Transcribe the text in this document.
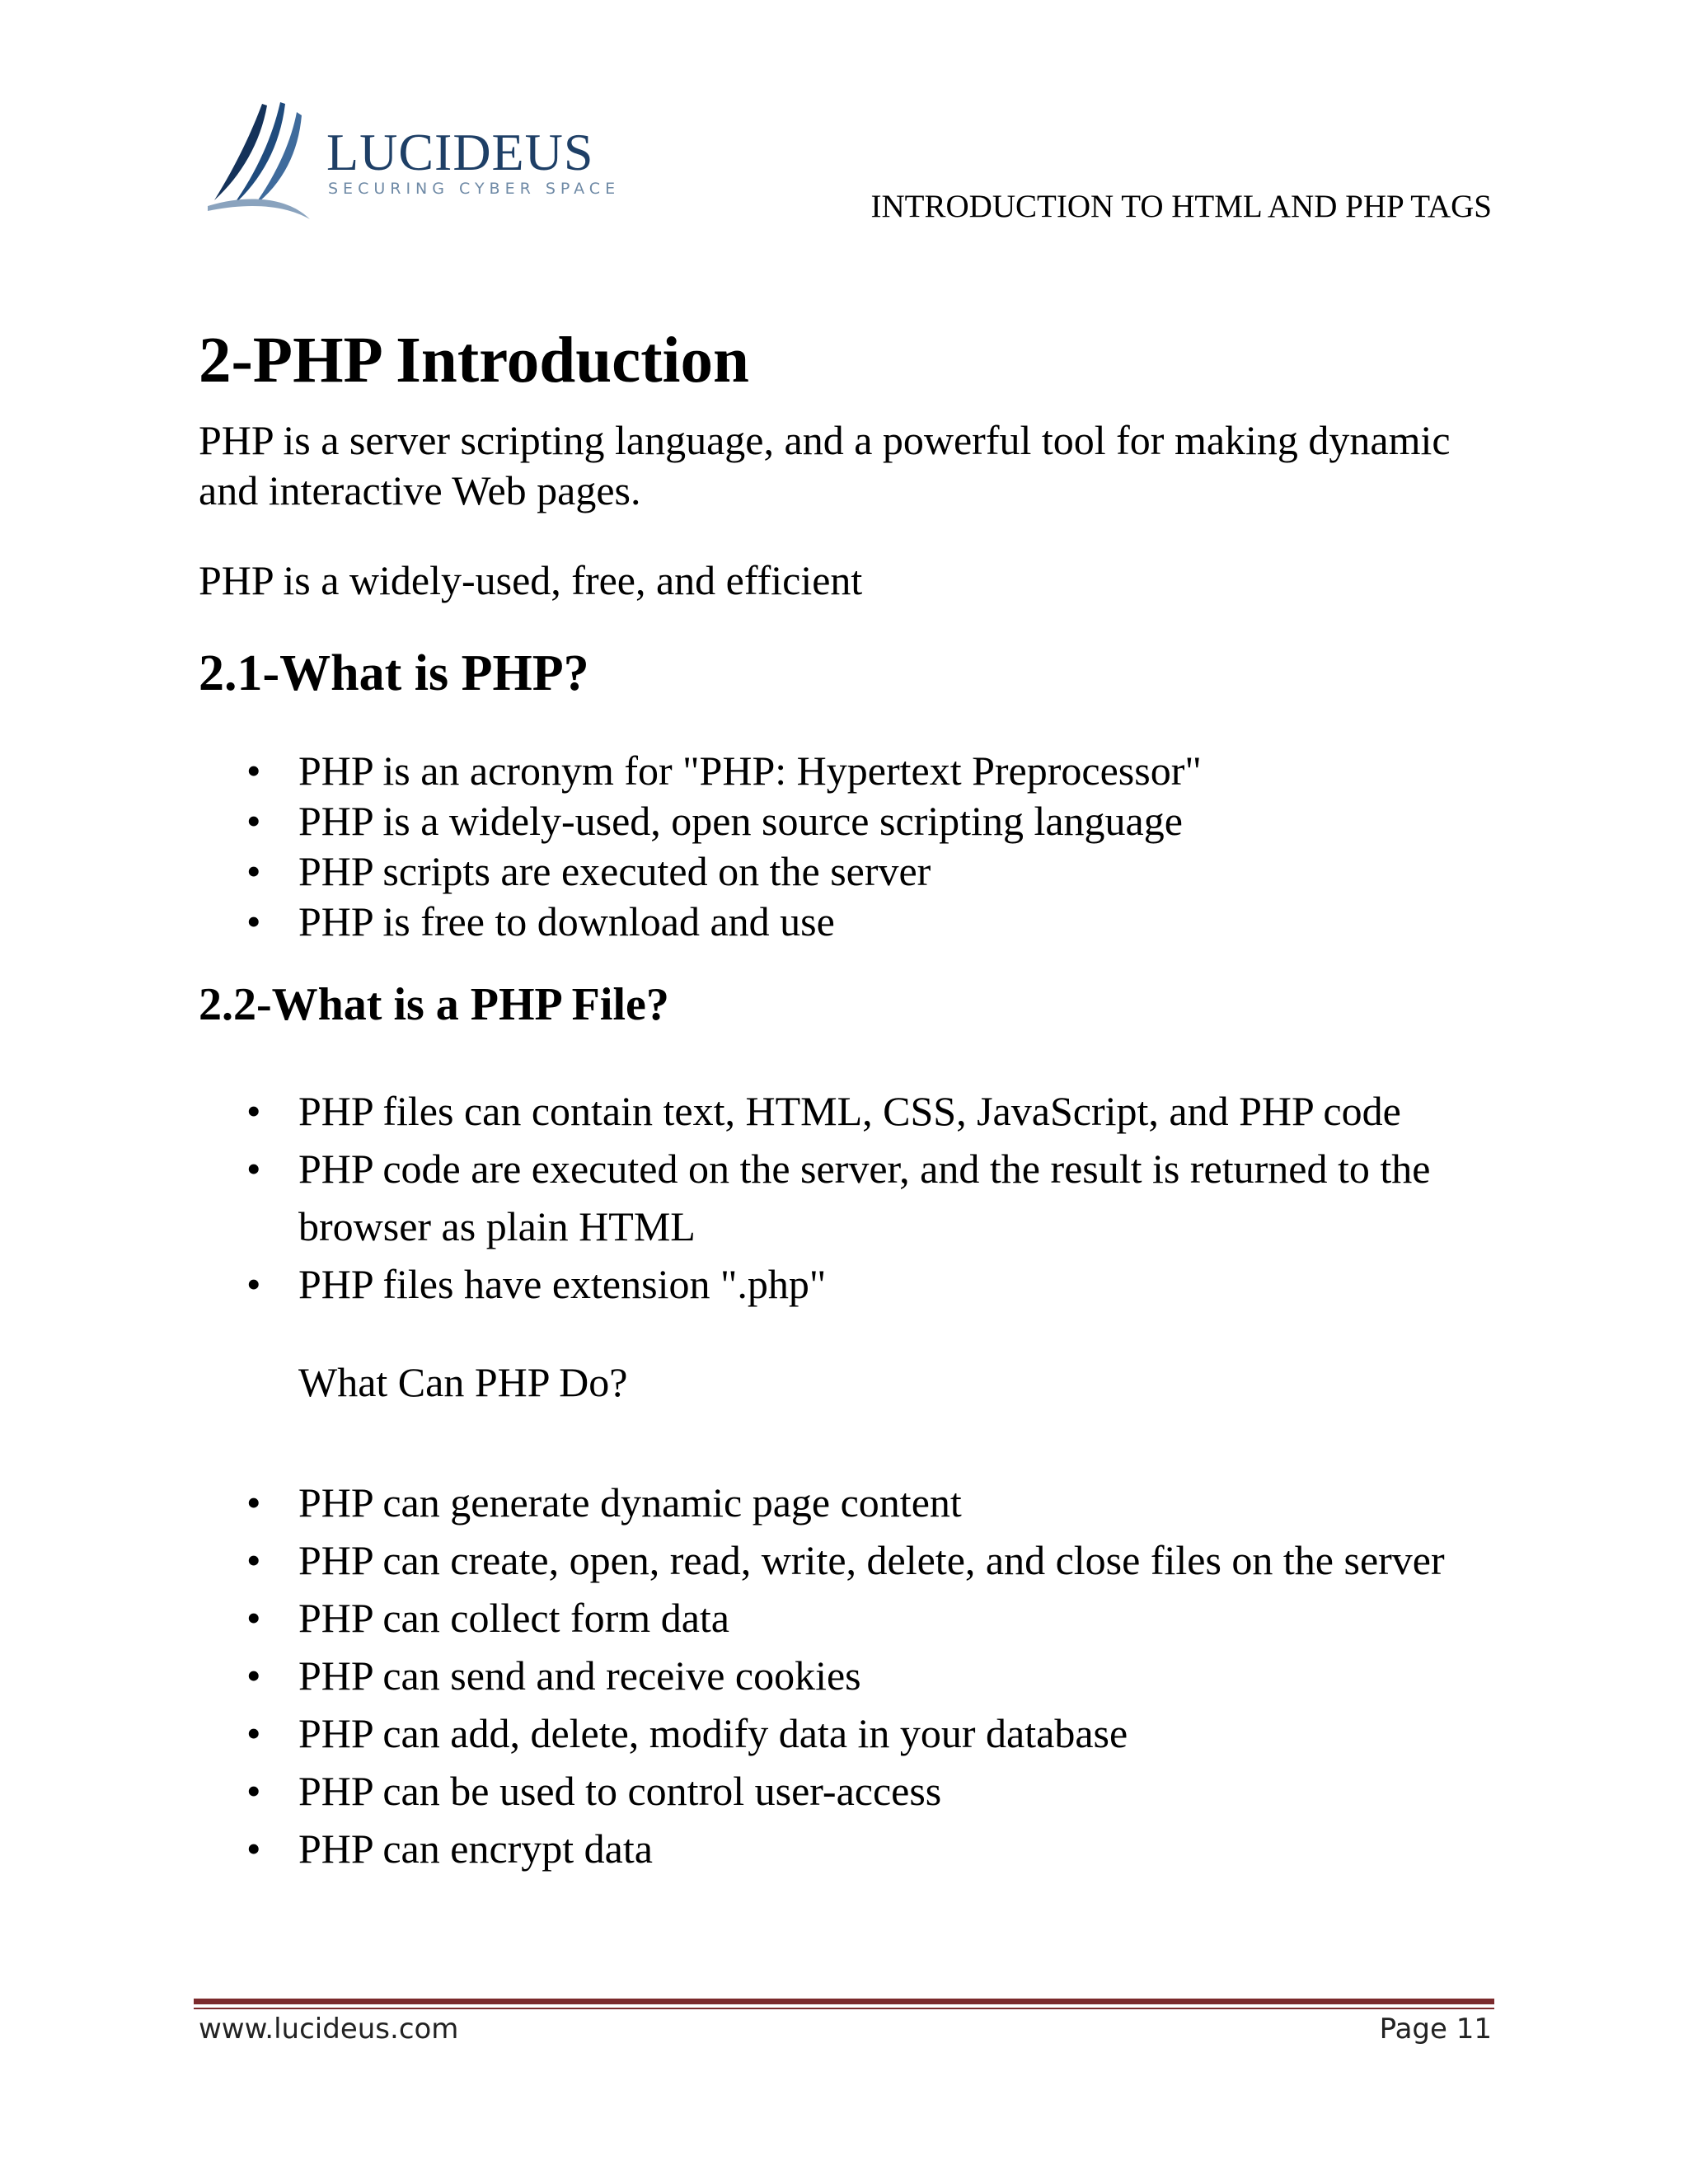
LUCIDEUS
SECURING CYBER SPACE	INTRODUCTION TO HTML AND PHP TAGS
2-PHP Introduction

PHP is a server scripting language, and a powerful tool for making dynamic and interactive Web pages.

PHP is a widely-used, free, and efficient

2.1-What is PHP?
• PHP is an acronym for "PHP: Hypertext Preprocessor"
• PHP is a widely-used, open source scripting language
• PHP scripts are executed on the server
• PHP is free to download and use
2.2-What is a PHP File?
• PHP files can contain text, HTML, CSS, JavaScript, and PHP code
• PHP code are executed on the server, and the result is returned to the browser as plain HTML
• PHP files have extension ".php"
What Can PHP Do?
• PHP can generate dynamic page content
• PHP can create, open, read, write, delete, and close files on the server
• PHP can collect form data
• PHP can send and receive cookies
• PHP can add, delete, modify data in your database
• PHP can be used to control user-access
• PHP can encrypt data
www.lucideus.com	Page 11
